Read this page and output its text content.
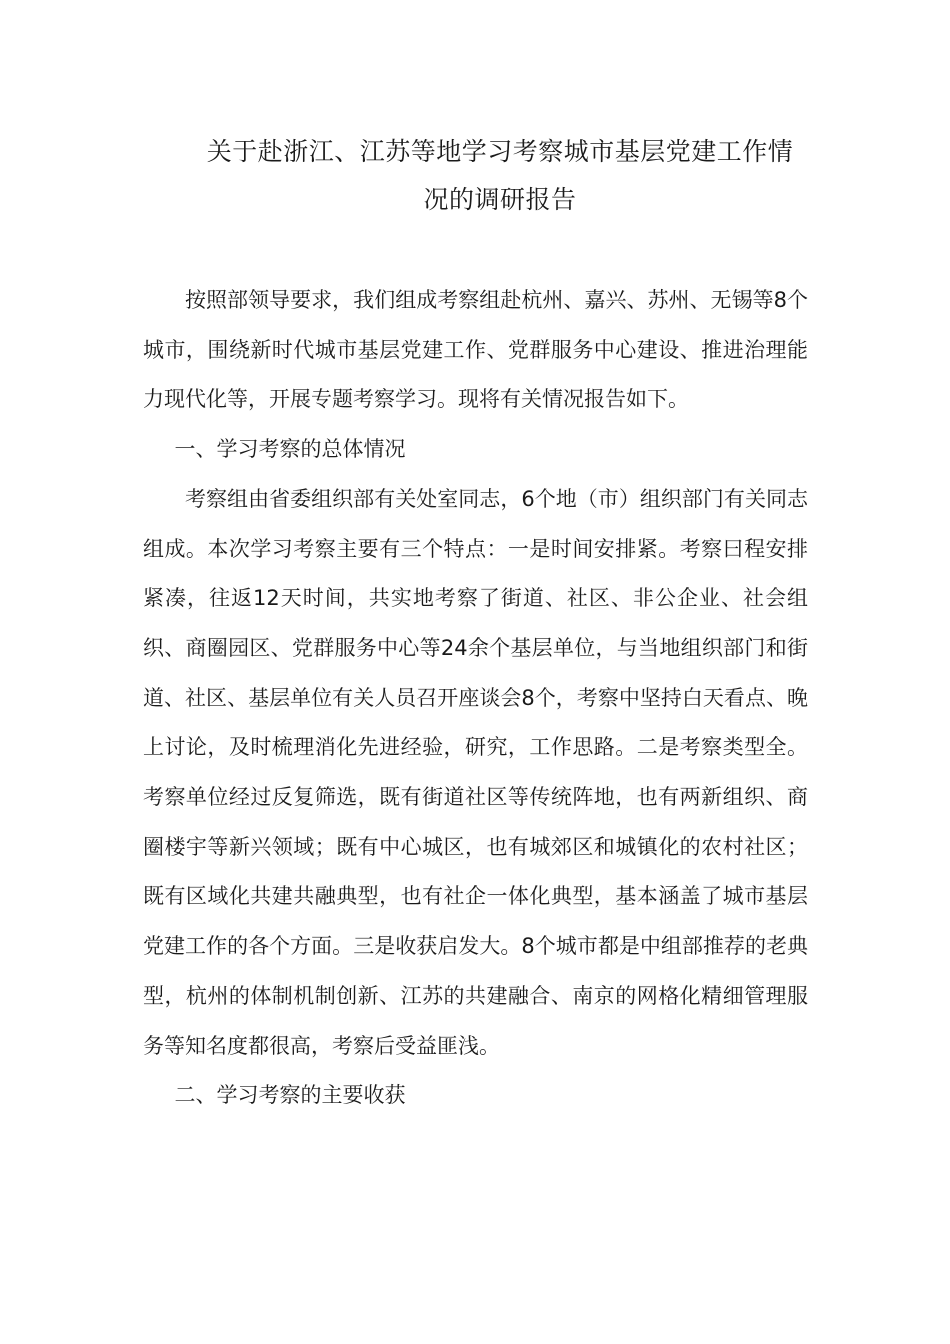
关于赴浙江、江苏等地学习考察城市基层党建工作情
况的调研报告

按照部领导要求，我们组成考察组赴杭州、嘉兴、苏州、无锡等8个城市，围绕新时代城市基层党建工作、党群服务中心建设、推进治理能力现代化等，开展专题考察学习。现将有关情况报告如下。

一、学习考察的总体情况

考察组由省委组织部有关处室同志，6个地（市）组织部门有关同志组成。本次学习考察主要有三个特点：一是时间安排紧。考察曰程安排紧凑，往返12天时间，共实地考察了街道、社区、非公企业、社会组织、商圈园区、党群服务中心等24余个基层单位，与当地组织部门和街道、社区、基层单位有关人员召开座谈会8个，考察中坚持白天看点、晚上讨论，及时梳理消化先进经验，研究，工作思路。二是考察类型全。考察单位经过反复筛选，既有街道社区等传统阵地，也有两新组织、商圈楼宇等新兴领域；既有中心城区，也有城郊区和城镇化的农村社区；既有区域化共建共融典型，也有社企一体化典型，基本涵盖了城市基层党建工作的各个方面。三是收获启发大。8个城市都是中组部推荐的老典型，杭州的体制机制创新、江苏的共建融合、南京的网格化精细管理服务等知名度都很高，考察后受益匪浅。

二、学习考察的主要收获
